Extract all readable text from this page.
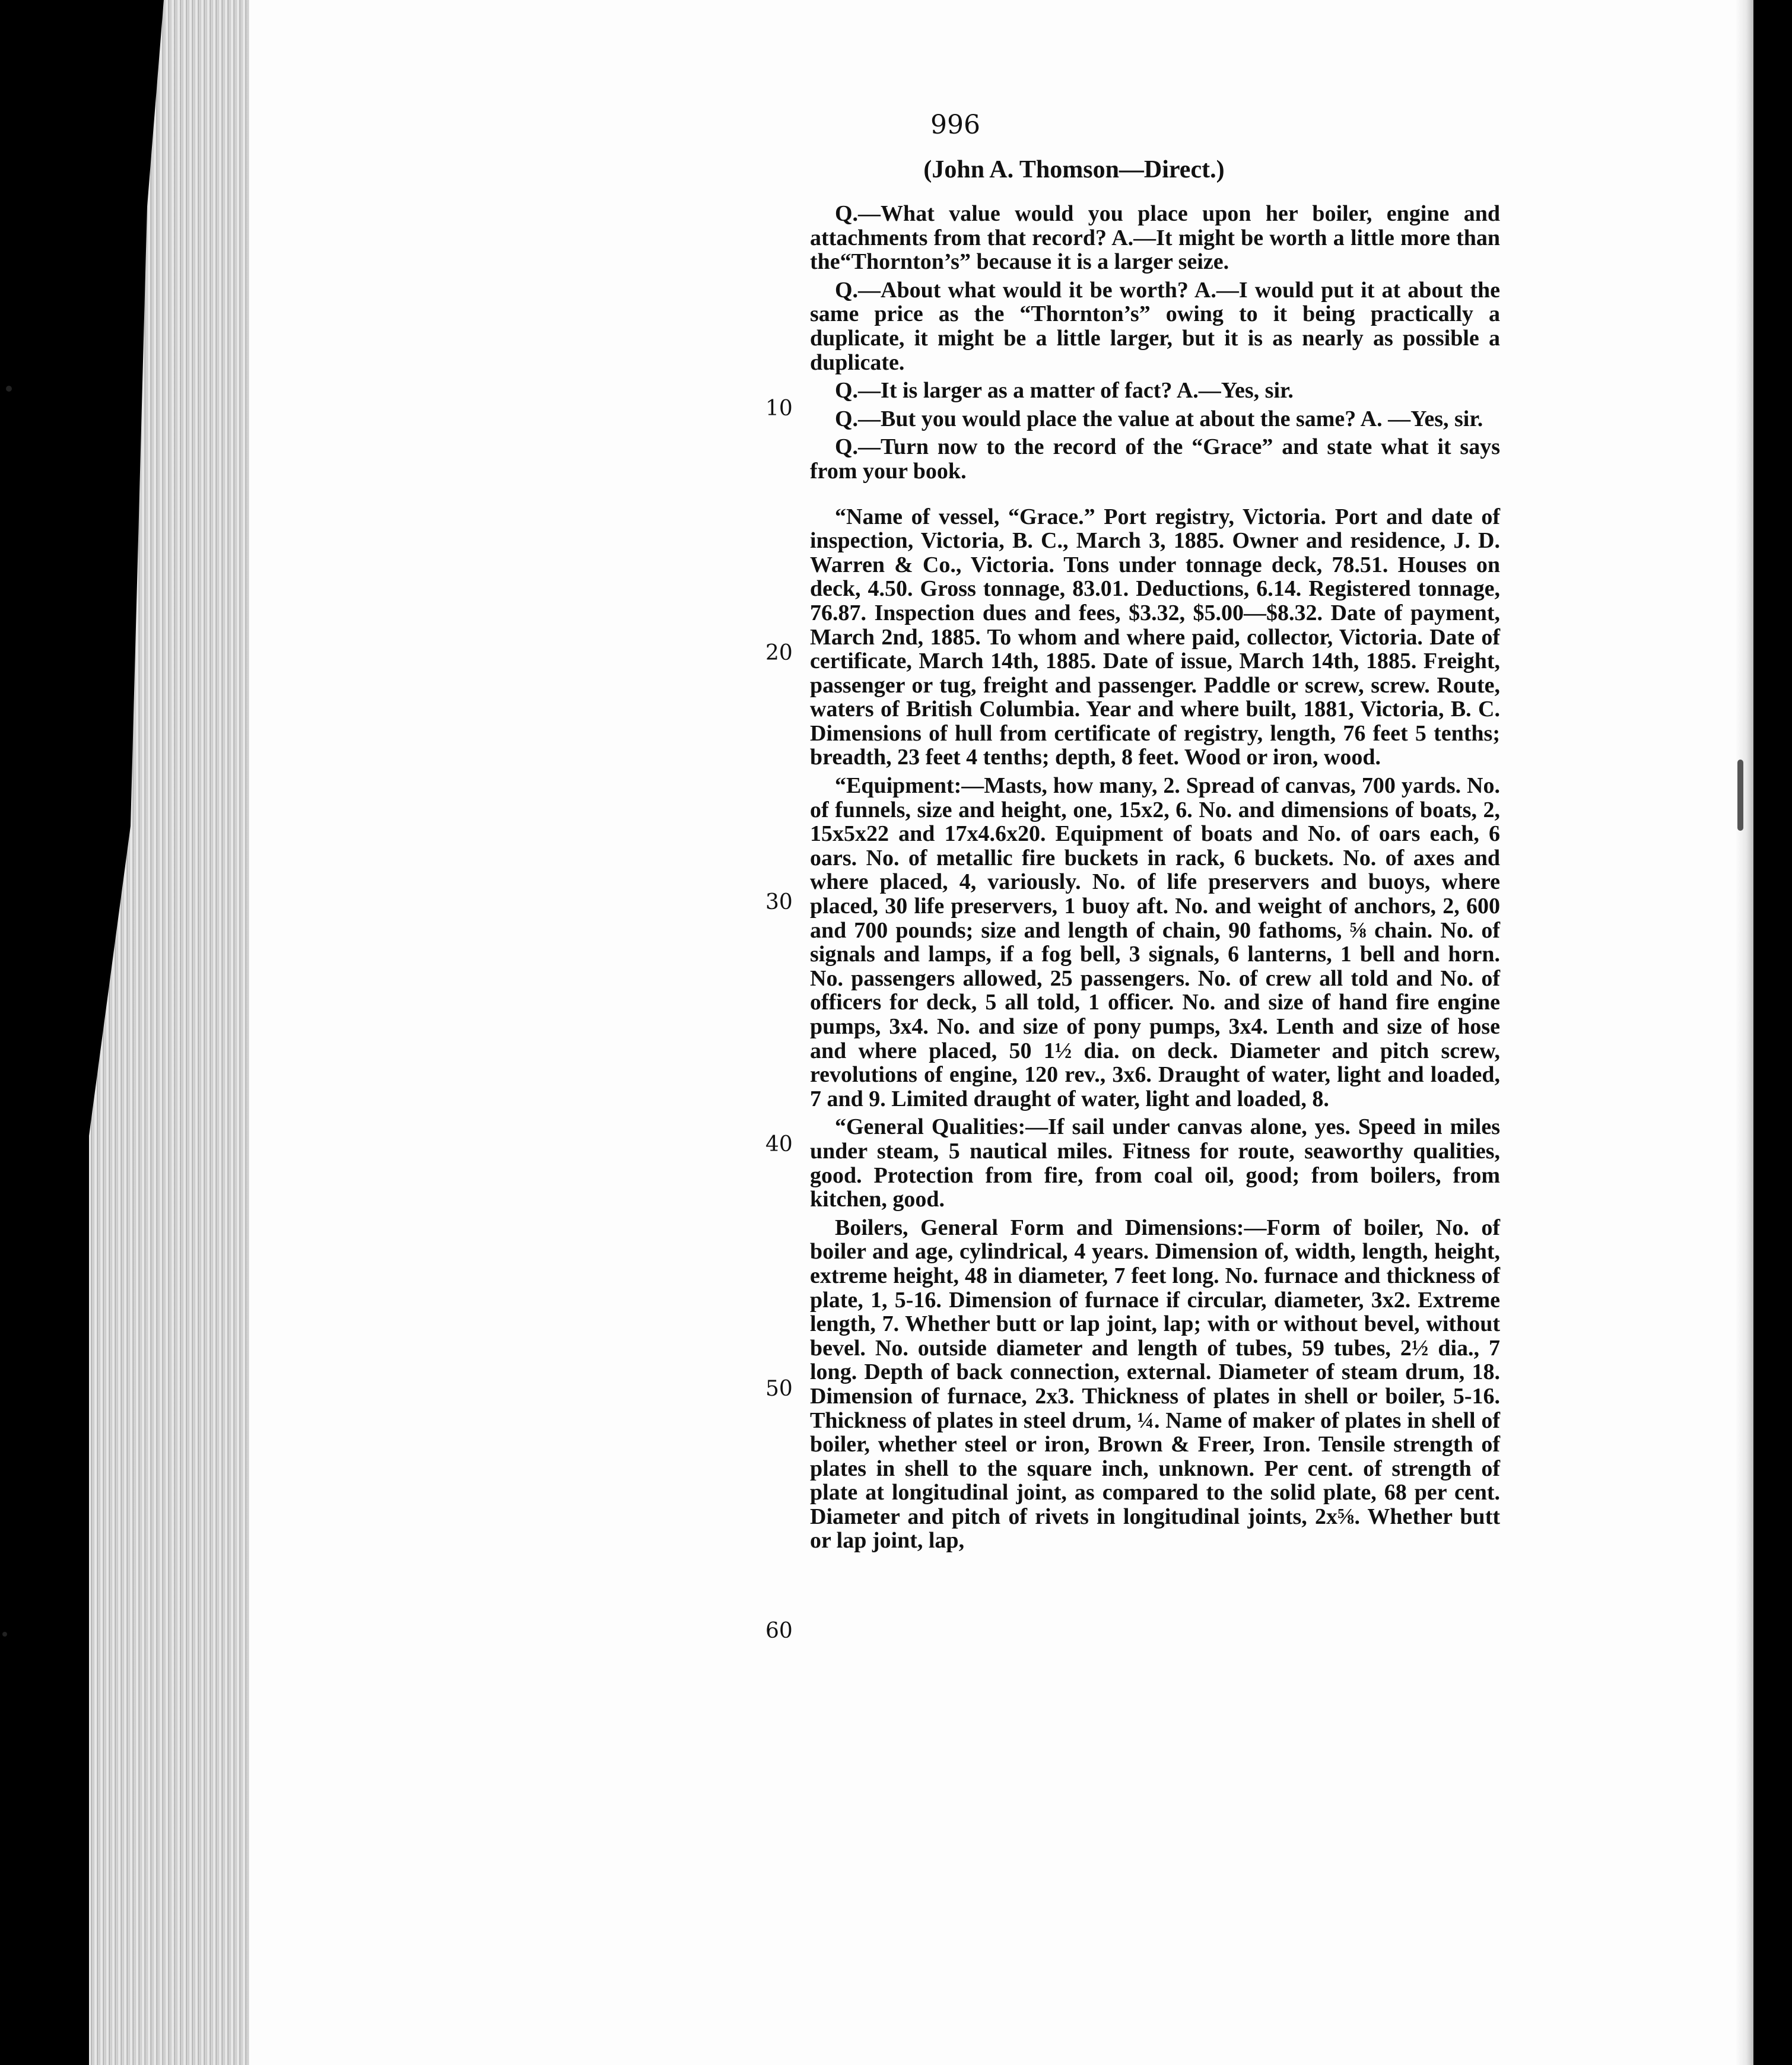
996
(John A. Thomson—Direct.)
10
20
30
40
50
60

Q.—What value would you place upon her boiler, engine and attachments from that record? A.—It might be worth a little more than the“Thornton’s” because it is a larger seize.

Q.—About what would it be worth? A.—I would put it at about the same price as the “Thornton’s” owing to it being practically a duplicate, it might be a little larger, but it is as nearly as possible a duplicate.

Q.—It is larger as a matter of fact? A.—Yes, sir.

Q.—But you would place the value at about the same? A. —Yes, sir.

Q.—Turn now to the record of the “Grace” and state what it says from your book.

“Name of vessel, “Grace.” Port registry, Victoria. Port and date of inspection, Victoria, B. C., March 3, 1885. Owner and residence, J. D. Warren & Co., Victoria. Tons under tonnage deck, 78.51. Houses on deck, 4.50. Gross tonnage, 83.01. Deductions, 6.14. Registered tonnage, 76.87. Inspection dues and fees, $3.32, $5.00—$8.32. Date of payment, March 2nd, 1885. To whom and where paid, collector, Victoria. Date of certificate, March 14th, 1885. Date of issue, March 14th, 1885. Freight, passenger or tug, freight and passenger. Paddle or screw, screw. Route, waters of British Columbia. Year and where built, 1881, Victoria, B. C. Dimensions of hull from certificate of registry, length, 76 feet 5 tenths; breadth, 23 feet 4 tenths; depth, 8 feet. Wood or iron, wood.

“Equipment:—Masts, how many, 2. Spread of canvas, 700 yards. No. of funnels, size and height, one, 15x2, 6. No. and dimensions of boats, 2, 15x5x22 and 17x4.6x20. Equipment of boats and No. of oars each, 6 oars. No. of metallic fire buckets in rack, 6 buckets. No. of axes and where placed, 4, variously. No. of life preservers and buoys, where placed, 30 life preservers, 1 buoy aft. No. and weight of anchors, 2, 600 and 700 pounds; size and length of chain, 90 fathoms, ⅝ chain. No. of signals and lamps, if a fog bell, 3 signals, 6 lanterns, 1 bell and horn. No. passengers allowed, 25 passengers. No. of crew all told and No. of officers for deck, 5 all told, 1 officer. No. and size of hand fire engine pumps, 3x4. No. and size of pony pumps, 3x4. Lenth and size of hose and where placed, 50 1½ dia. on deck. Diameter and pitch screw, revolutions of engine, 120 rev., 3x6. Draught of water, light and loaded, 7 and 9. Limited draught of water, light and loaded, 8.

“General Qualities:—If sail under canvas alone, yes. Speed in miles under steam, 5 nautical miles. Fitness for route, seaworthy qualities, good. Protection from fire, from coal oil, good; from boilers, from kitchen, good.

Boilers, General Form and Dimensions:—Form of boiler, No. of boiler and age, cylindrical, 4 years. Dimension of, width, length, height, extreme height, 48 in diameter, 7 feet long. No. furnace and thickness of plate, 1, 5-16. Dimension of furnace if circular, diameter, 3x2. Extreme length, 7. Whether butt or lap joint, lap; with or without bevel, without bevel. No. outside diameter and length of tubes, 59 tubes, 2½ dia., 7 long. Depth of back connection, external. Diameter of steam drum, 18. Dimension of furnace, 2x3. Thickness of plates in shell or boiler, 5-16. Thickness of plates in steel drum, ¼. Name of maker of plates in shell of boiler, whether steel or iron, Brown & Freer, Iron. Tensile strength of plates in shell to the square inch, unknown. Per cent. of strength of plate at longitudinal joint, as compared to the solid plate, 68 per cent. Diameter and pitch of rivets in longitudinal joints, 2x⅝. Whether butt or lap joint, lap,
